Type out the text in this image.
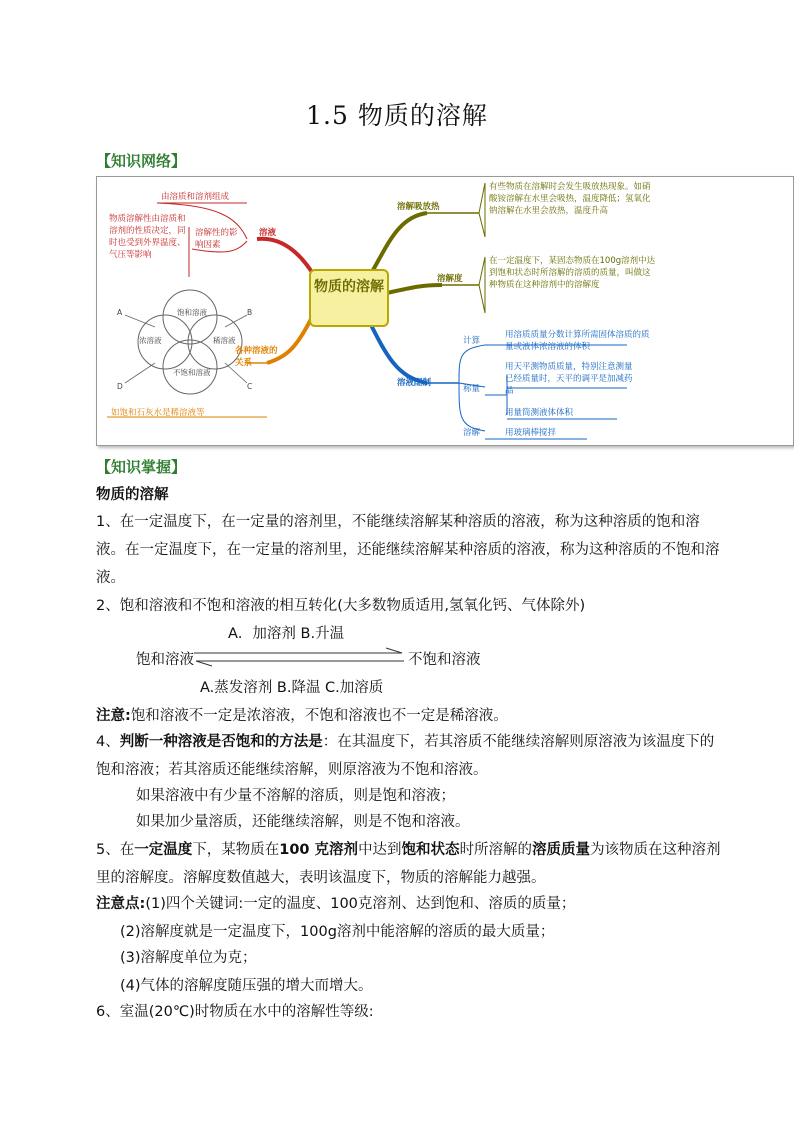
1.5 物质的溶解
【知识网络】
物质的溶解
溶液
由溶质和溶剂组成
溶解性的影响因素
物质溶解性由溶质和溶剂的性质决定，同时也受到外界温度、气压等影响
溶解吸放热
有些物质在溶解时会发生吸放热现象。如硝酸铵溶解在水里会吸热，温度降低；氢氧化钠溶解在水里会放热，温度升高
溶解度
在一定温度下，某固态物质在100g溶剂中达到饱和状态时所溶解的溶质的质量，叫做这种物质在这种溶剂中的溶解度
溶液配制
计算
用溶质质量分数计算所需固体溶质的质量或液体浓溶液的体积
称量
用天平测物质质量，特别注意测量已经质量时，天平的调平是加减药品
用量筒测液体体积
溶解	用玻璃棒搅拌
各种溶液的关系
如饱和石灰水是稀溶液等
饱和溶液
浓溶液	稀溶液
不饱和溶液
A	B
C
D
【知识掌握】
物质的溶解
1、在一定温度下，在一定量的溶剂里，不能继续溶解某种溶质的溶液，称为这种溶质的饱和溶
液。在一定温度下，在一定量的溶剂里，还能继续溶解某种溶质的溶液，称为这种溶质的不饱和溶
液。
2、饱和溶液和不饱和溶液的相互转化(大多数物质适用,氢氧化钙、气体除外)
A．加溶剂 B.升温
饱和溶液	不饱和溶液
A.蒸发溶剂 B.降温 C.加溶质
注意:饱和溶液不一定是浓溶液，不饱和溶液也不一定是稀溶液。
4、判断一种溶液是否饱和的方法是：在其温度下，若其溶质不能继续溶解则原溶液为该温度下的
饱和溶液；若其溶质还能继续溶解，则原溶液为不饱和溶液。
如果溶液中有少量不溶解的溶质，则是饱和溶液；
如果加少量溶质，还能继续溶解，则是不饱和溶液。
5、在一定温度下，某物质在100 克溶剂中达到饱和状态时所溶解的溶质质量为该物质在这种溶剂
里的溶解度。溶解度数值越大，表明该温度下，物质的溶解能力越强。
注意点:(1)四个关键词:一定的温度、100克溶剂、达到饱和、溶质的质量；
(2)溶解度就是一定温度下，100g溶剂中能溶解的溶质的最大质量；
(3)溶解度单位为克；
(4)气体的溶解度随压强的增大而增大。
6、室温(20℃)时物质在水中的溶解性等级:
